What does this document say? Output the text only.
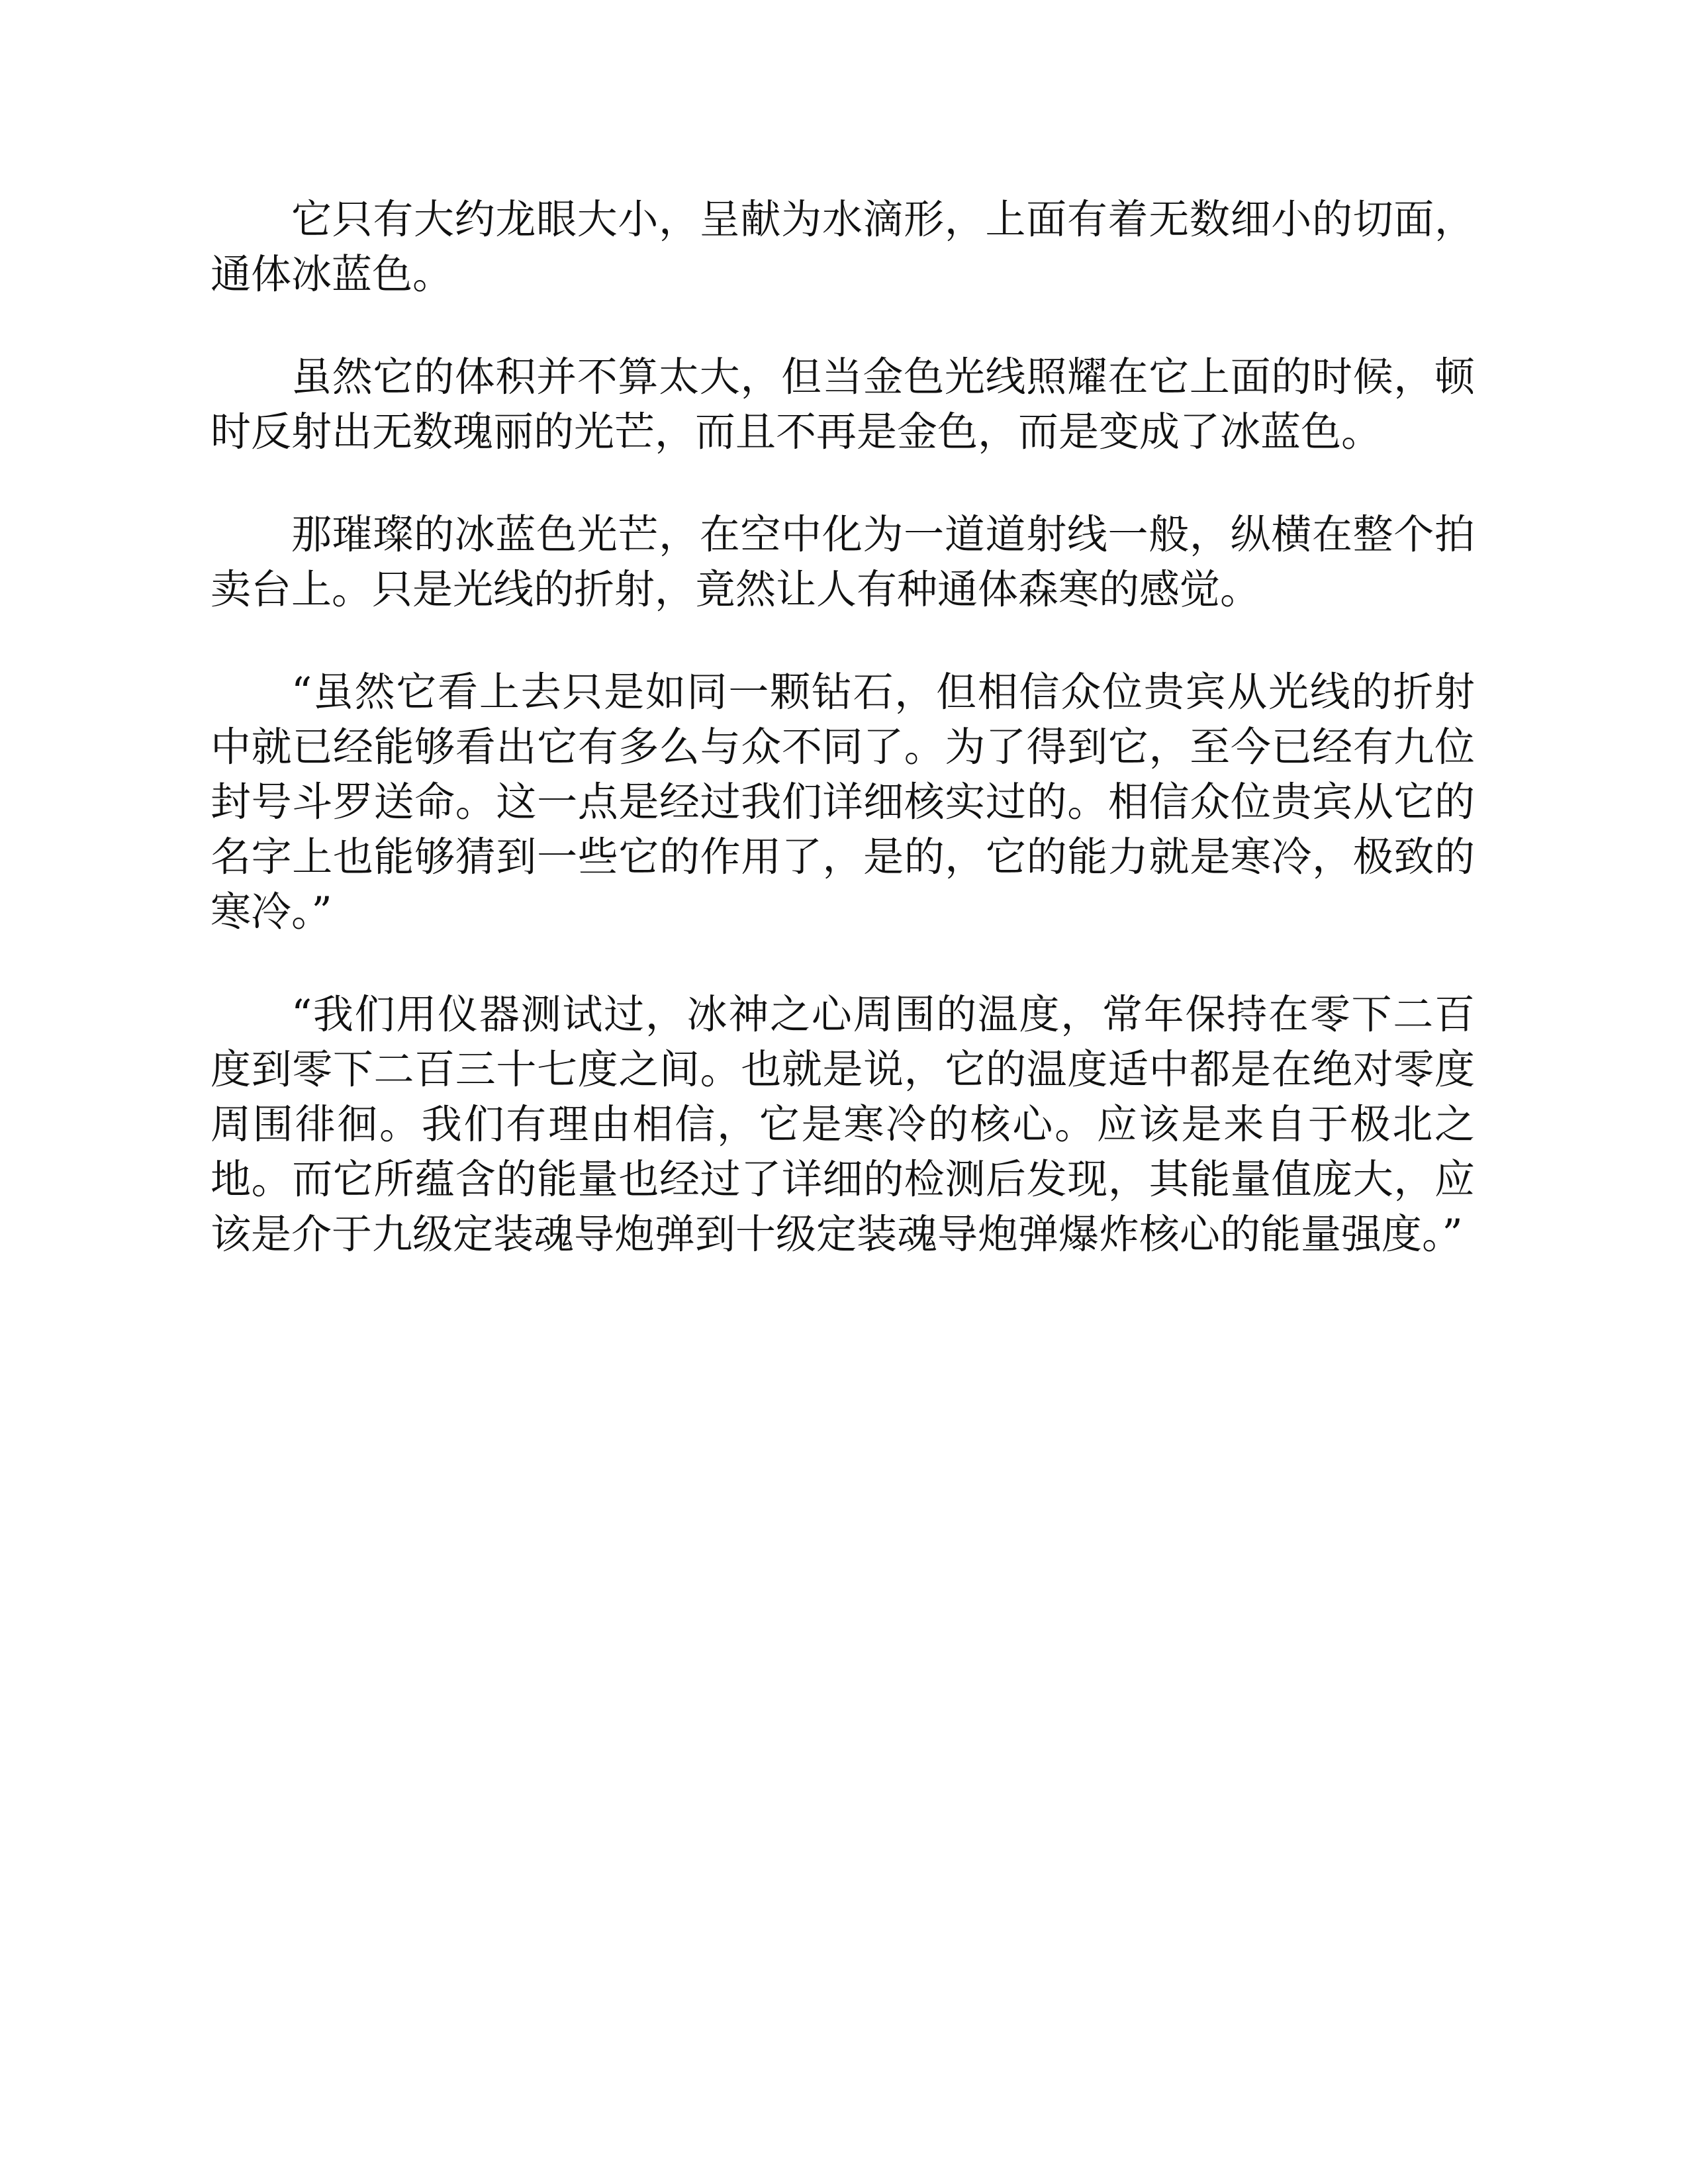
它只有大约龙眼大小，呈献为水滴形，上面有着无数细小的切面，通体冰蓝色。

虽然它的体积并不算太大，但当金色光线照耀在它上面的时候，顿时反射出无数瑰丽的光芒，而且不再是金色，而是变成了冰蓝色。

那璀璨的冰蓝色光芒，在空中化为一道道射线一般，纵横在整个拍卖台上。只是光线的折射，竟然让人有种通体森寒的感觉。

“虽然它看上去只是如同一颗钻石，但相信众位贵宾从光线的折射中就已经能够看出它有多么与众不同了。为了得到它，至今已经有九位封号斗罗送命。这一点是经过我们详细核实过的。相信众位贵宾从它的名字上也能够猜到一些它的作用了，是的，它的能力就是寒冷，极致的寒冷。”

“我们用仪器测试过，冰神之心周围的温度，常年保持在零下二百度到零下二百三十七度之间。也就是说，它的温度适中都是在绝对零度周围徘徊。我们有理由相信，它是寒冷的核心。应该是来自于极北之地。而它所蕴含的能量也经过了详细的检测后发现，其能量值庞大，应该是介于九级定装魂导炮弹到十级定装魂导炮弹爆炸核心的能量强度。”
